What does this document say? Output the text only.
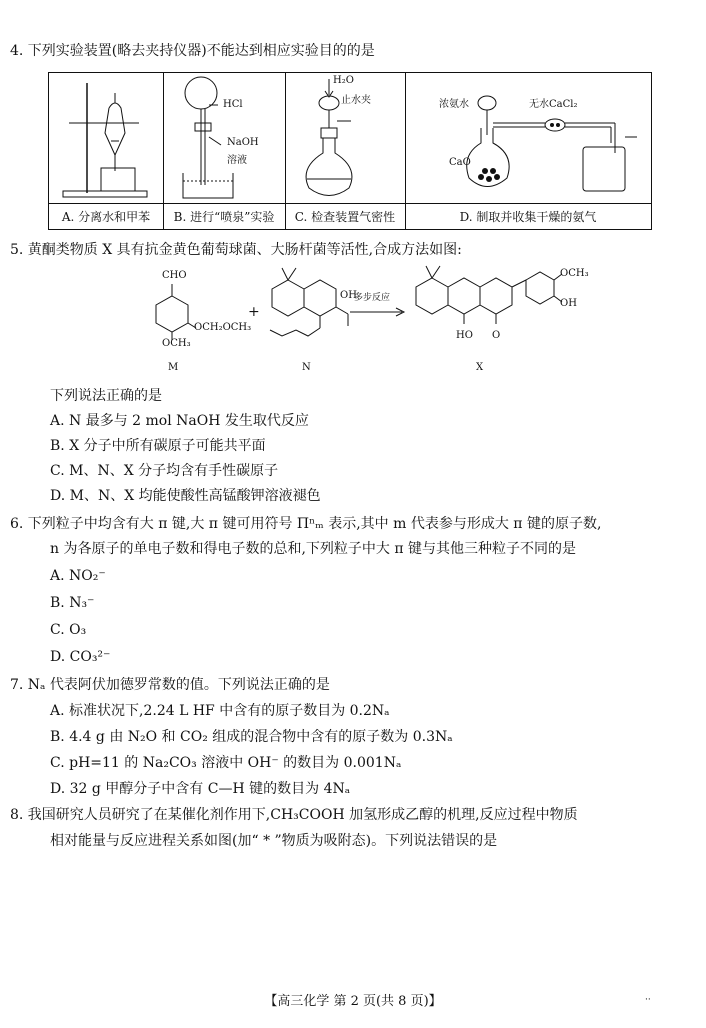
4. 下列实验装置(略去夹持仪器)不能达到相应实验目的的是
A. 分离水和甲苯
HCl
NaOH
溶液
B. 进行“喷泉”实验
H₂O
止水夹
C. 检查装置气密性
浓氨水	无水CaCl₂
CaO
D. 制取并收集干燥的氨气
5. 黄酮类物质 X 具有抗金黄色葡萄球菌、大肠杆菌等活性,合成方法如图:
CHO
OCH₂OCH₃
OCH₃
M
+
OH
N
多步反应
OCH₃
OH
HO O
X
下列说法正确的是
A. N 最多与 2 mol NaOH 发生取代反应
B. X 分子中所有碳原子可能共平面
C. M、N、X 分子均含有手性碳原子
D. M、N、X 均能使酸性高锰酸钾溶液褪色
6. 下列粒子中均含有大 π 键,大 π 键可用符号 Πⁿₘ 表示,其中 m 代表参与形成大 π 键的原子数,
n 为各原子的单电子数和得电子数的总和,下列粒子中大 π 键与其他三种粒子不同的是
A. NO₂⁻
B. N₃⁻
C. O₃
D. CO₃²⁻
7. Nₐ 代表阿伏加德罗常数的值。下列说法正确的是
A. 标准状况下,2.24 L HF 中含有的原子数目为 0.2Nₐ
B. 4.4 g 由 N₂O 和 CO₂ 组成的混合物中含有的原子数为 0.3Nₐ
C. pH=11 的 Na₂CO₃ 溶液中 OH⁻ 的数目为 0.001Nₐ
D. 32 g 甲醇分子中含有 C—H 键的数目为 4Nₐ
8. 我国研究人员研究了在某催化剂作用下,CH₃COOH 加氢形成乙醇的机理,反应过程中物质
相对能量与反应进程关系如图(加“ * ”物质为吸附态)。下列说法错误的是
【高三化学 第 2 页(共 8 页)】	··
